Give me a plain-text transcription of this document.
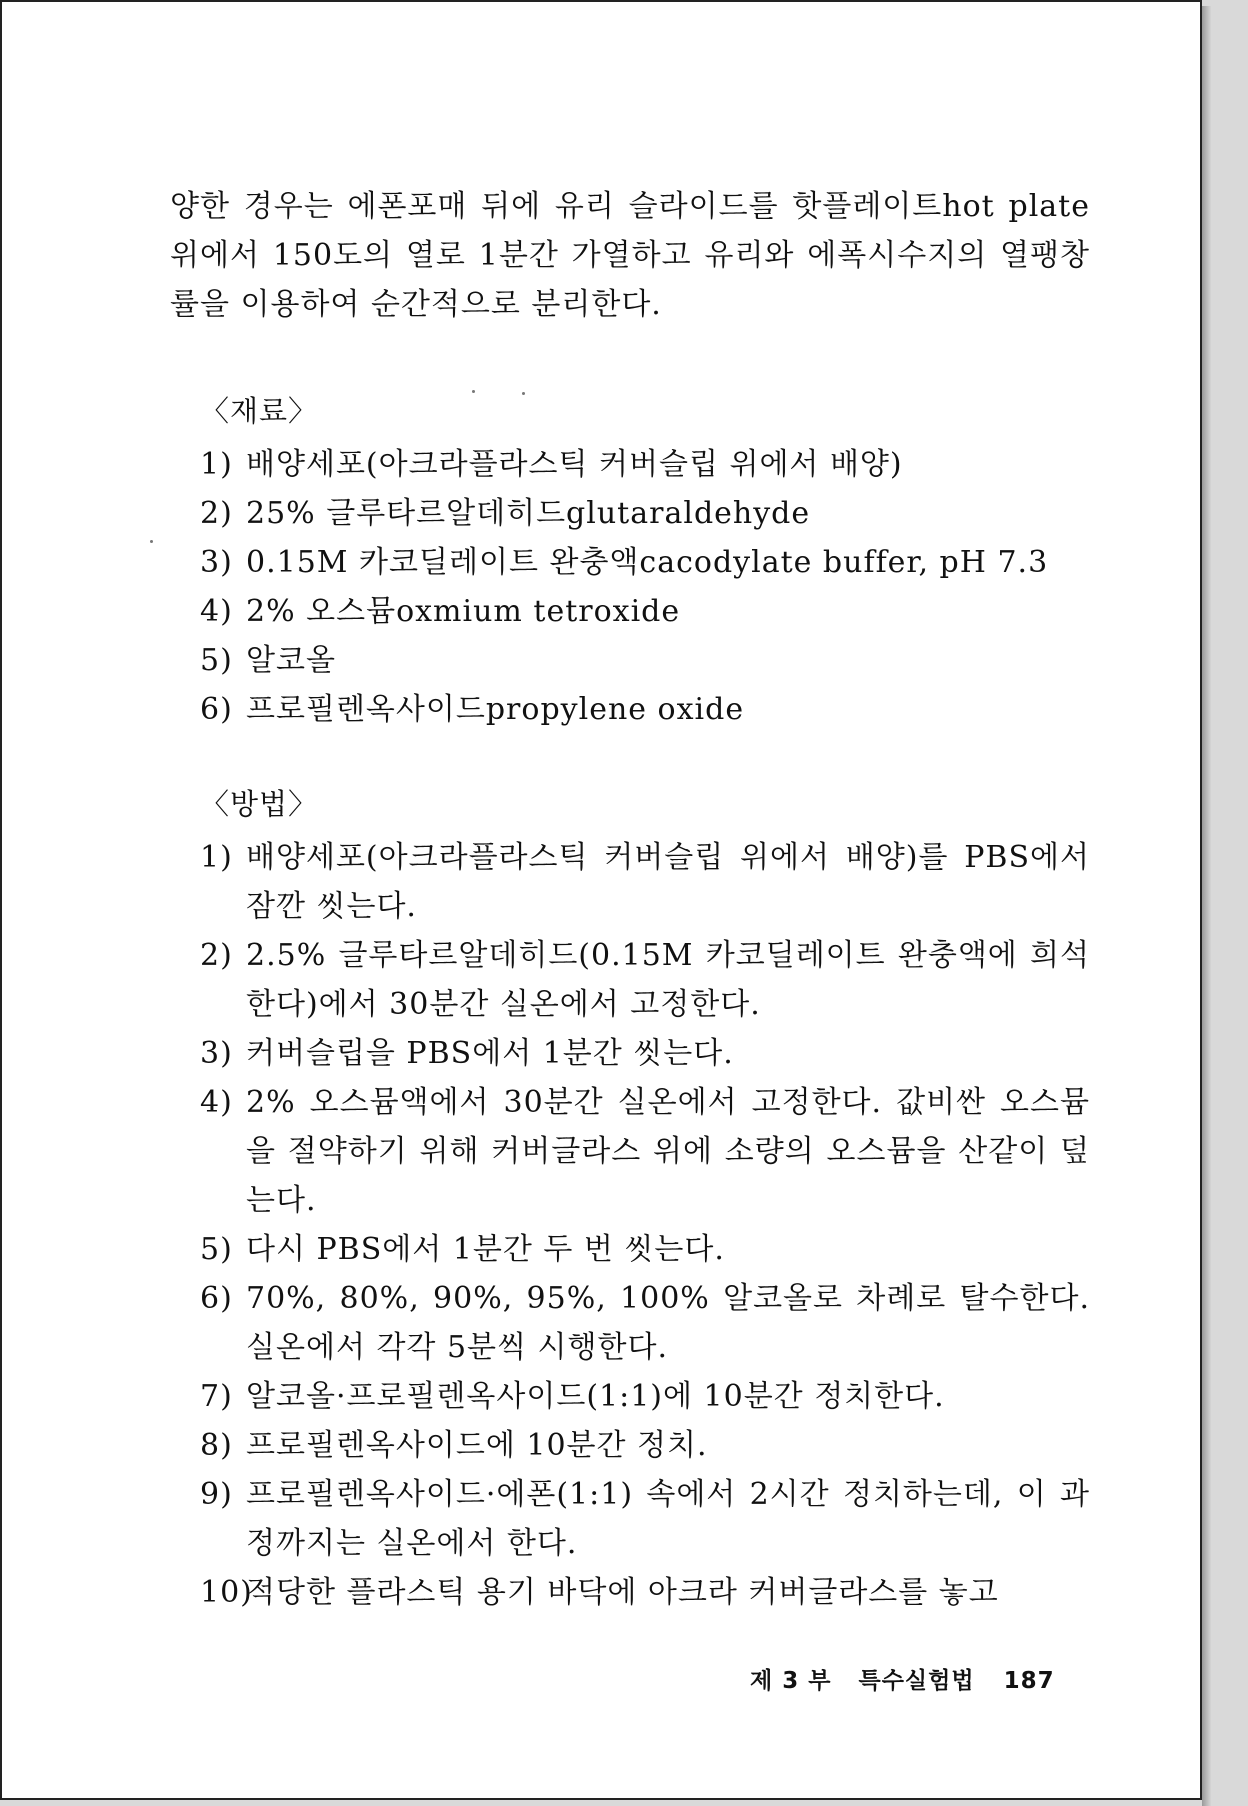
양한 경우는 에폰포매 뒤에 유리 슬라이드를 핫플레이트hot plate 위에서 150도의 열로 1분간 가열하고 유리와 에폭시수지의 열팽창률을 이용하여 순간적으로 분리한다.

〈재료〉
1) 배양세포(아크라플라스틱 커버슬립 위에서 배양)
2) 25% 글루타르알데히드glutaraldehyde
3) 0.15M 카코딜레이트 완충액cacodylate buffer, pH 7.3
4) 2% 오스뮴oxmium tetroxide
5) 알코올
6) 프로필렌옥사이드propylene oxide
〈방법〉
1) 배양세포(아크라플라스틱 커버슬립 위에서 배양)를 PBS에서 잠깐 씻는다.
2) 2.5% 글루타르알데히드(0.15M 카코딜레이트 완충액에 희석한다)에서 30분간 실온에서 고정한다.
3) 커버슬립을 PBS에서 1분간 씻는다.
4) 2% 오스뮴액에서 30분간 실온에서 고정한다. 값비싼 오스뮴을 절약하기 위해 커버글라스 위에 소량의 오스뮴을 산같이 덮는다.
5) 다시 PBS에서 1분간 두 번 씻는다.
6) 70%, 80%, 90%, 95%, 100% 알코올로 차례로 탈수한다. 실온에서 각각 5분씩 시행한다.
7) 알코올·프로필렌옥사이드(1:1)에 10분간 정치한다.
8) 프로필렌옥사이드에 10분간 정치.
9) 프로필렌옥사이드·에폰(1:1) 속에서 2시간 정치하는데, 이 과정까지는 실온에서 한다.
10)
적당한 플라스틱 용기 바닥에 아크라 커버글라스를 놓고
제 3 부 특수실험법 187
